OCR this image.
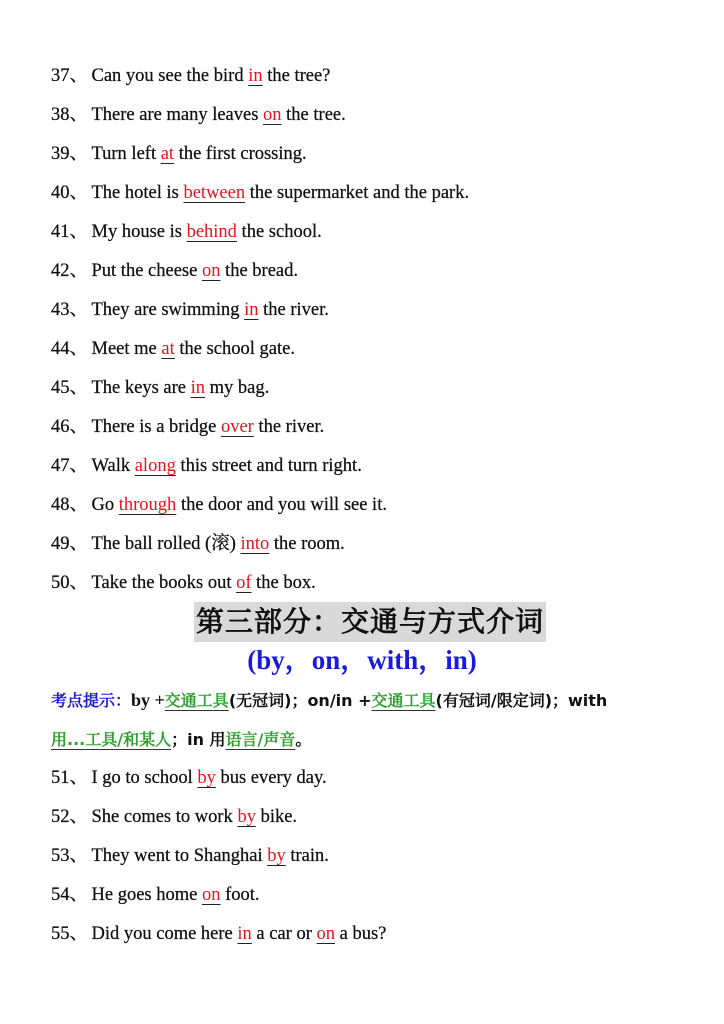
37、 Can you see the bird in the tree?
38、 There are many leaves on the tree.
39、 Turn left at the first crossing.
40、 The hotel is between the supermarket and the park.
41、 My house is behind the school.
42、 Put the cheese on the bread.
43、 They are swimming in the river.
44、 Meet me at the school gate.
45、 The keys are in my bag.
46、 There is a bridge over the river.
47、 Walk along this street and turn right.
48、 Go through the door and you will see it.
49、 The ball rolled (滚) into the room.
50、 Take the books out of the box.
第三部分：交通与方式介词
(by，on，with，in)
考点提示：by +交通工具(无冠词)；on/in +交通工具(有冠词/限定词)；with
用...工具/和某人；in 用语言/声音。
51、 I go to school by bus every day.
52、 She comes to work by bike.
53、 They went to Shanghai by train.
54、 He goes home on foot.
55、 Did you come here in a car or on a bus?
